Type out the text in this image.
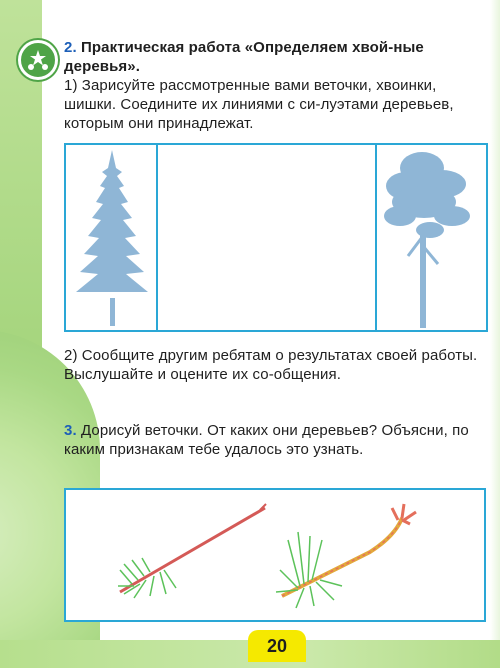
2. Практическая работа «Определяем хвой-ные деревья».
1) Зарисуйте рассмотренные вами веточки, хвоинки, шишки. Соедините их линиями с си-луэтами деревьев, которым они принадлежат.
2) Сообщите другим ребятам о результатах своей работы. Выслушайте и оцените их со-общения.
3. Дорисуй веточки. От каких они деревьев? Объясни, по каким признакам тебе удалось это узнать.
20
